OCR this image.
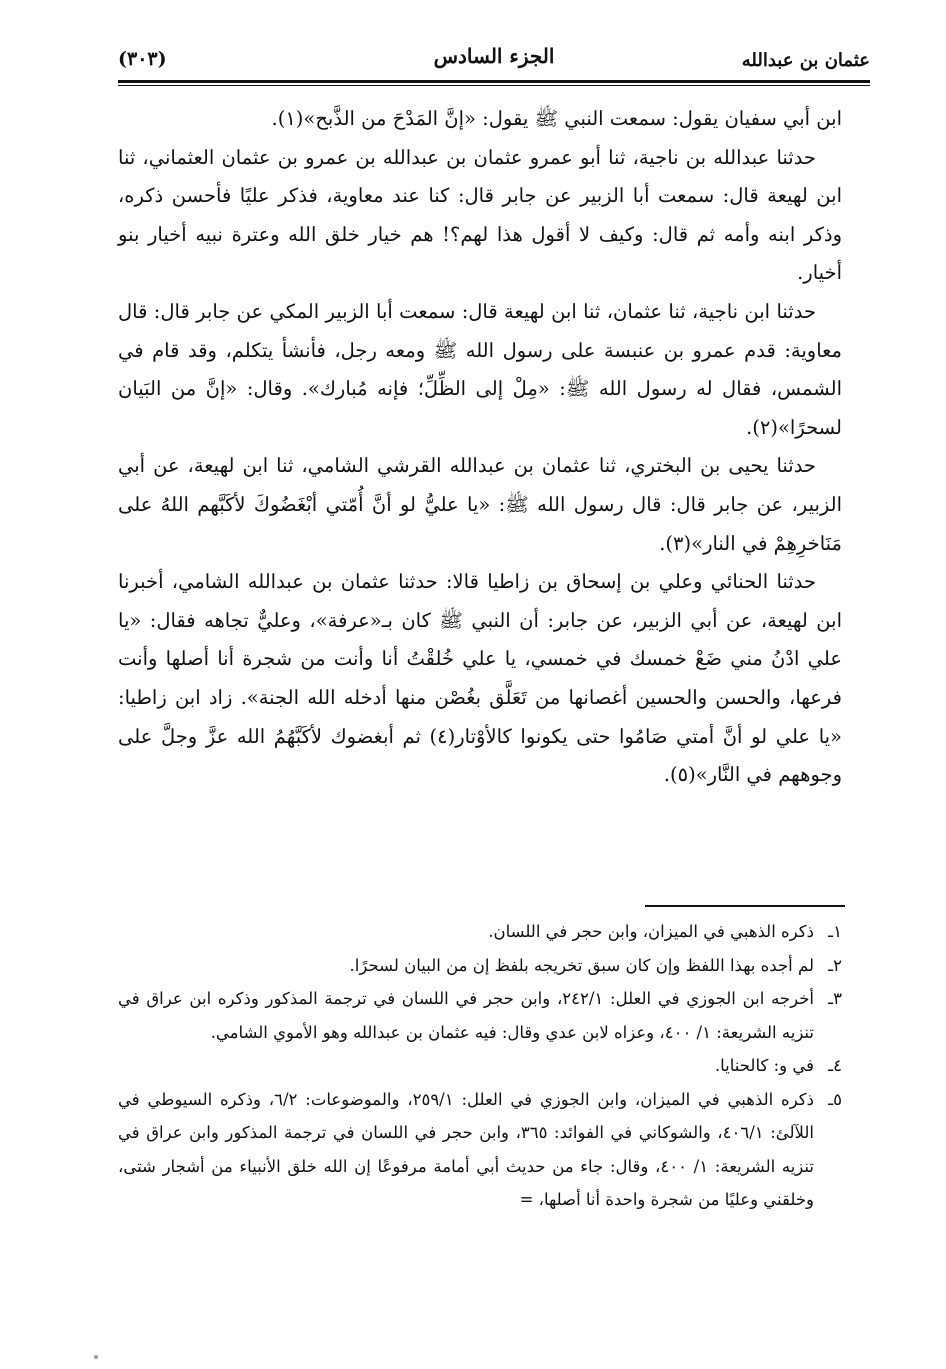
عثمان بن عبدالله
الجزء السادس
(٣٠٣)

ابن أبي سفيان يقول: سمعت النبي ﷺ يقول: «إنَّ المَدْحَ من الذَّبح»(١).

حدثنا عبدالله بن ناجية، ثنا أبو عمرو عثمان بن عبدالله بن عمرو بن عثمان العثماني، ثنا ابن لهيعة قال: سمعت أبا الزبير عن جابر قال: كنا عند معاوية، فذكر عليًا فأحسن ذكره، وذكر ابنه وأمه ثم قال: وكيف لا أقول هذا لهم؟! هم خيار خلق الله وعترة نبيه أخيار بنو أخيار.

حدثنا ابن ناجية، ثنا عثمان، ثنا ابن لهيعة قال: سمعت أبا الزبير المكي عن جابر قال: قال معاوية: قدم عمرو بن عنبسة على رسول الله ﷺ ومعه رجل، فأنشأ يتكلم، وقد قام في الشمس، فقال له رسول الله ﷺ: «مِلْ إلى الظِّلِّ؛ فإنه مُبارك». وقال: «إنَّ من البَيان لسحرًا»(٢).

حدثنا يحيى بن البختري، ثنا عثمان بن عبدالله القرشي الشامي، ثنا ابن لهيعة، عن أبي الزبير، عن جابر قال: قال رسول الله ﷺ: «يا عليُّ لو أنَّ أُمّتي أبْغَضُوكَ لأكَبَّهم اللهُ على مَنَاخرِهِمْ في النار»(٣).

حدثنا الحنائي وعلي بن إسحاق بن زاطيا قالا: حدثنا عثمان بن عبدالله الشامي، أخبرنا ابن لهيعة، عن أبي الزبير، عن جابر: أن النبي ﷺ كان بـ«عرفة»، وعليٌّ تجاهه فقال: «يا علي ادْنُ مني ضَعْ خمسك في خمسي، يا علي خُلقْتُ أنا وأنت من شجرة أنا أصلها وأنت فرعها، والحسن والحسين أغصانها من تَعَلَّق بغُصْن منها أدخله الله الجنة». زاد ابن زاطيا: «يا علي لو أنَّ أمتي صَامُوا حتى يكونوا كالأوْتار(٤) ثم أبغضوك لأكَبَّهُمُ الله عزَّ وجلَّ على وجوههم في النَّار»(٥).

١ـ
ذكره الذهبي في الميزان، وابن حجر في اللسان.

٢ـ
لم أجده بهذا اللفظ وإن كان سبق تخريجه بلفظ إن من البيان لسحرًا.

٣ـ
أخرجه ابن الجوزي في العلل: ٢٤٢/١، وابن حجر في اللسان في ترجمة المذكور وذكره ابن عراق في تنزيه الشريعة: ١/ ٤٠٠، وعزاه لابن عدي وقال: فيه عثمان بن عبدالله وهو الأموي الشامي.

٤ـ
في و: كالحنايا.

٥ـ
ذكره الذهبي في الميزان، وابن الجوزي في العلل: ٢٥٩/١، والموضوعات: ٦/٢، وذكره السيوطي في اللآلئ: ٤٠٦/١، والشوكاني في الفوائد: ٣٦٥، وابن حجر في اللسان في ترجمة المذكور وابن عراق في تنزيه الشريعة: ١/ ٤٠٠، وقال: جاء من حديث أبي أمامة مرفوعًا إن الله خلق الأنبياء من أشجار شتى، وخلقني وعليًا من شجرة واحدة أنا أصلها، =
